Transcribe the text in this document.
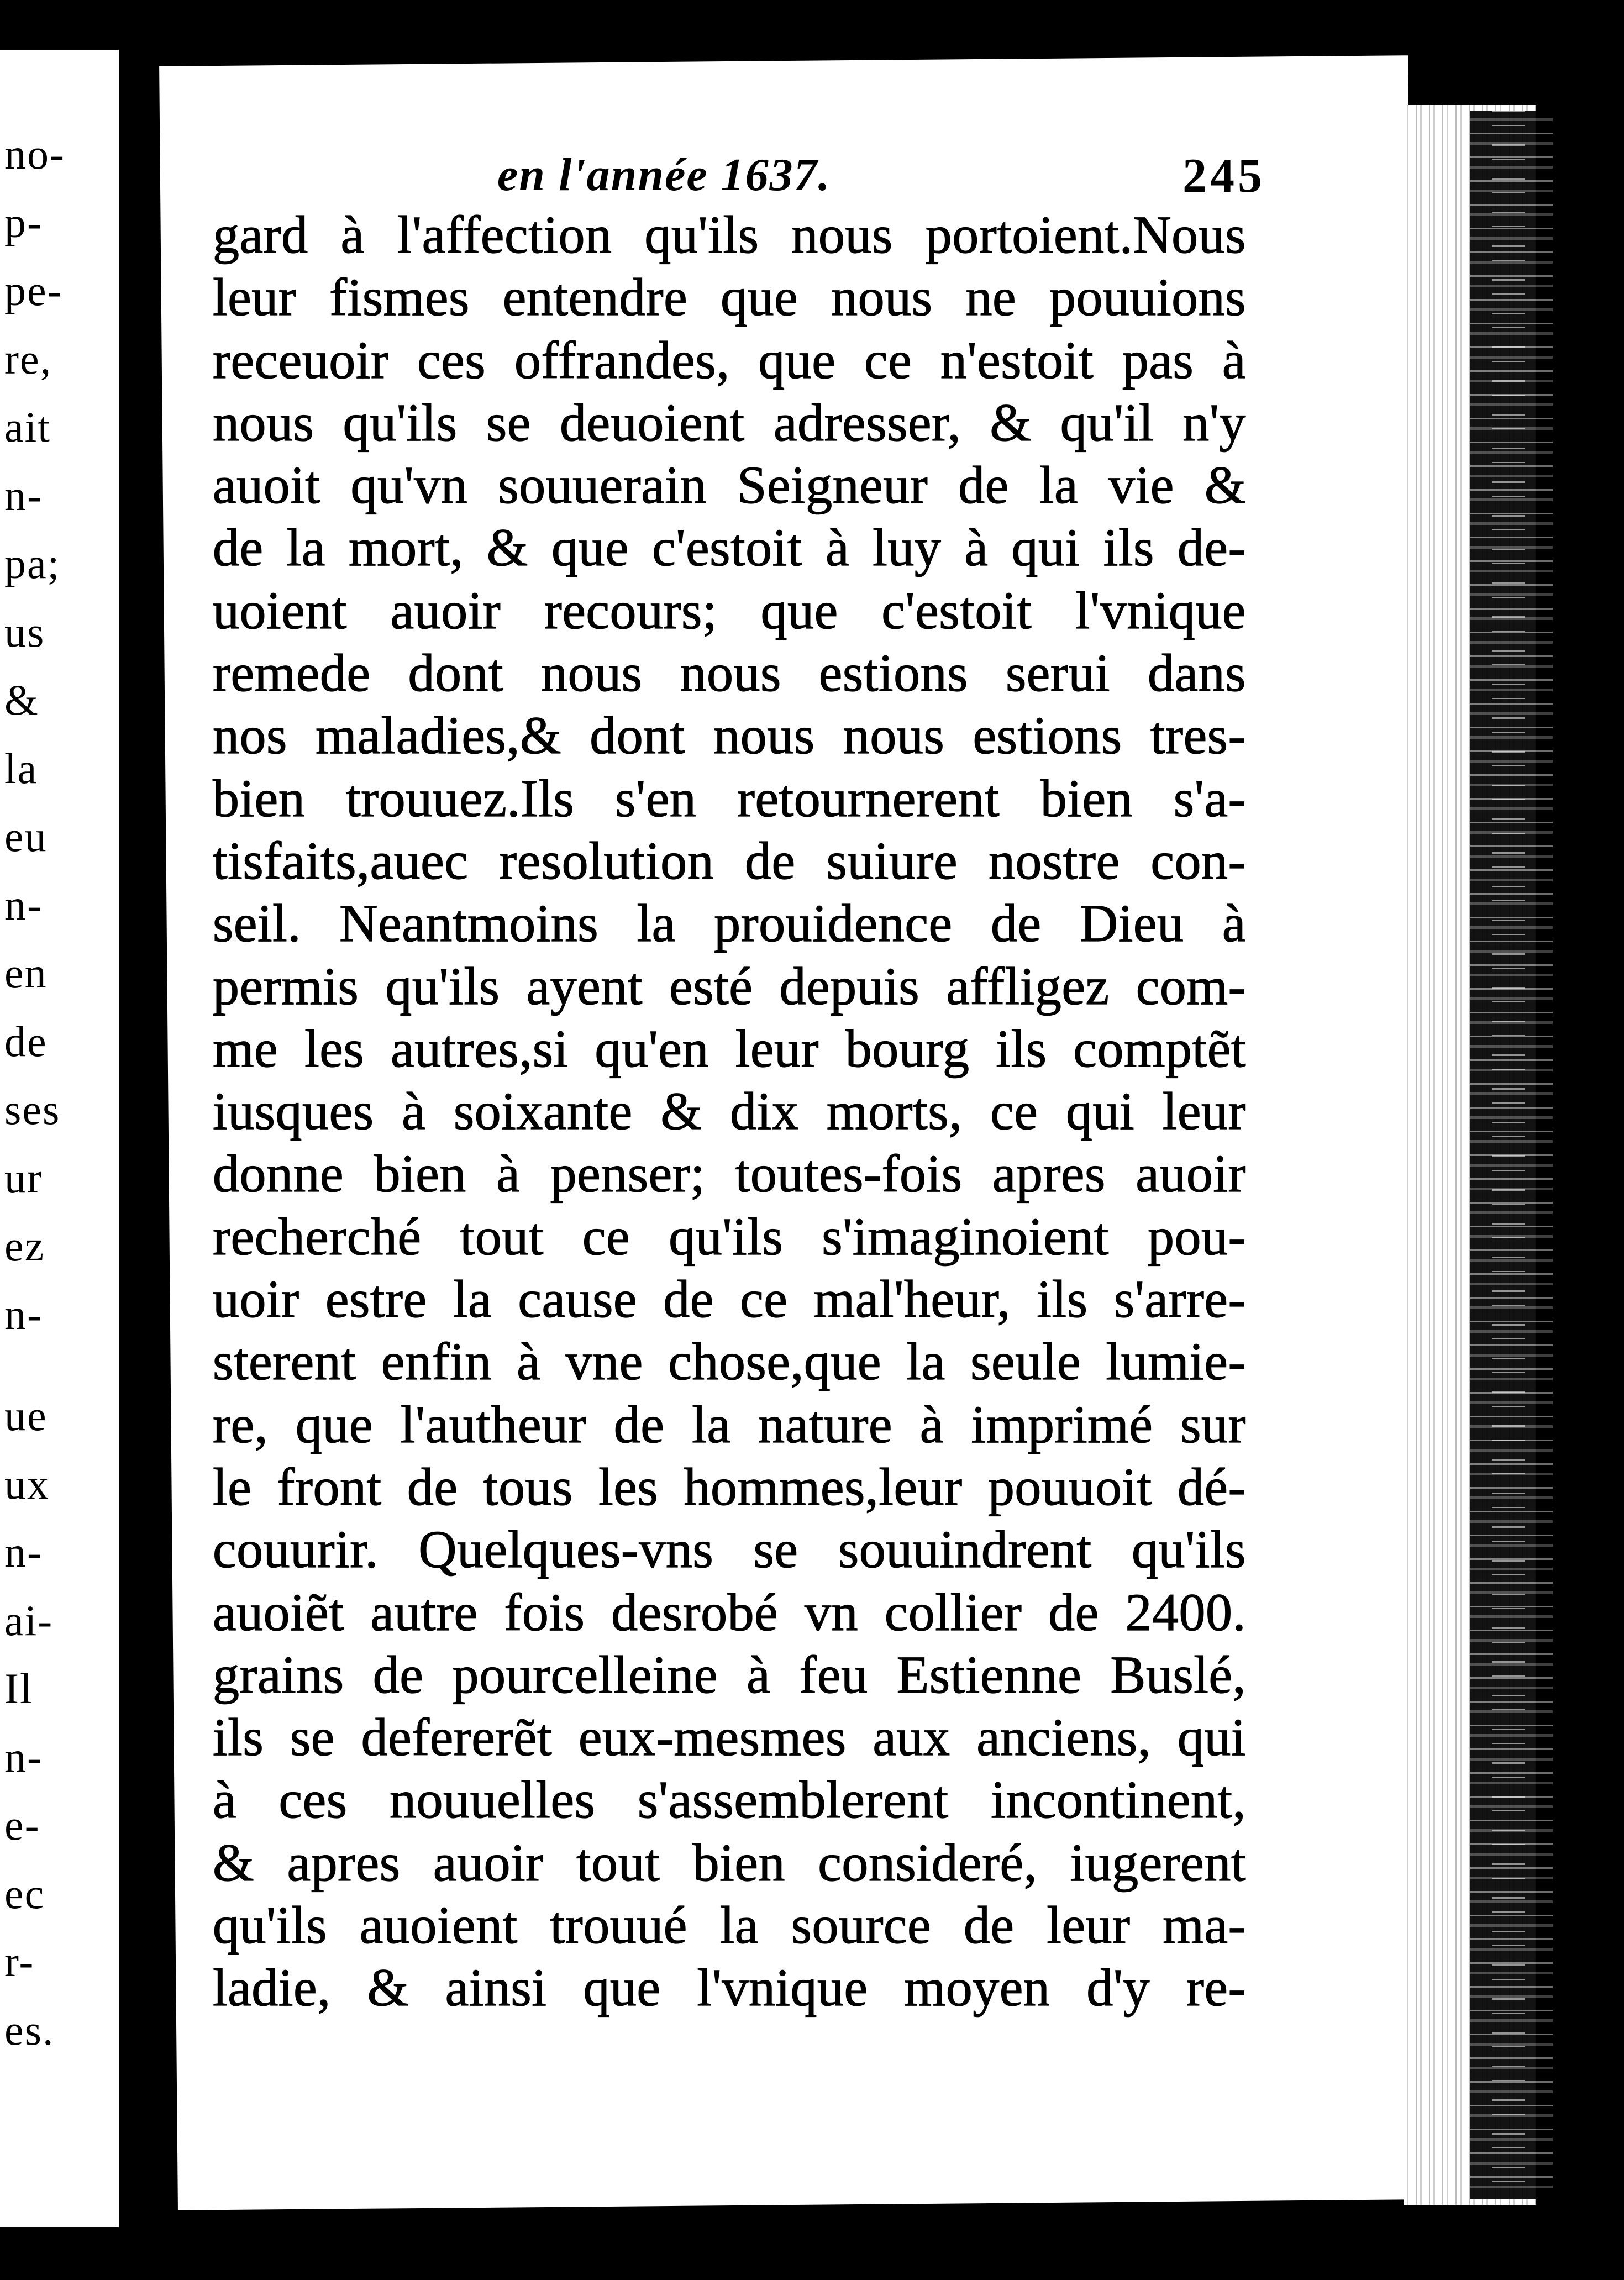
no-
p-
pe-
re,
ait
n-
pa;
us
&
la
eu
n-
en
de
ses
ur
ez
n-
ue
ux
n-
ai-
Il
n-
e-
ec
r-
es.
en l'année 1637.	245
gard à l'affection qu'ils nous portoient.Nous
leur fismes entendre que nous ne pouuions
receuoir ces offrandes, que ce n'estoit pas à
nous qu'ils se deuoient adresser, & qu'il n'y
auoit qu'vn souuerain Seigneur de la vie &
de la mort, & que c'estoit à luy à qui ils de-
uoient auoir recours; que c'estoit l'vnique
remede dont nous nous estions serui dans
nos maladies,& dont nous nous estions tres-
bien trouuez.Ils s'en retournerent bien s'a-
tisfaits,auec resolution de suiure nostre con-
seil. Neantmoins la prouidence de Dieu à
permis qu'ils ayent esté depuis affligez com-
me les autres,si qu'en leur bourg ils comptẽt
iusques à soixante & dix morts, ce qui leur
donne bien à penser; toutes-fois apres auoir
recherché tout ce qu'ils s'imaginoient pou-
uoir estre la cause de ce mal'heur, ils s'arre-
sterent enfin à vne chose,que la seule lumie-
re, que l'autheur de la nature à imprimé sur
le front de tous les hommes,leur pouuoit dé-
couurir. Quelques-vns se souuindrent qu'ils
auoiẽt autre fois desrobé vn collier de 2400.
grains de pourcelleine à feu Estienne Buslé,
ils se defererẽt eux-mesmes aux anciens, qui
à ces nouuelles s'assemblerent incontinent,
& apres auoir tout bien consideré, iugerent
qu'ils auoient trouué la source de leur ma-
ladie, & ainsi que l'vnique moyen d'y re-
